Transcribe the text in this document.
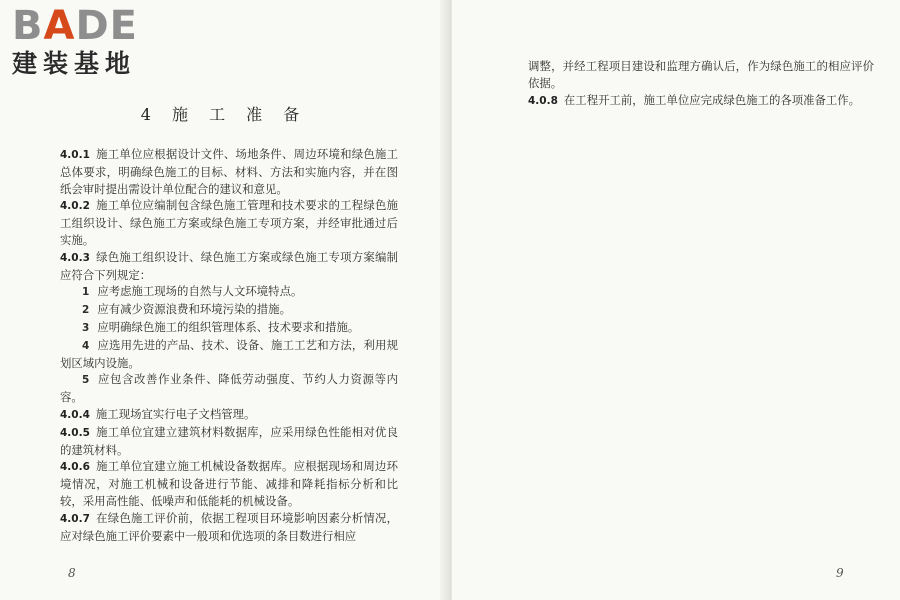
BADE
建装基地
4 施 工 准 备

4.0.1 施工单位应根据设计文件、场地条件、周边环境和绿色施工总体要求，明确绿色施工的目标、材料、方法和实施内容，并在图纸会审时提出需设计单位配合的建议和意见。

4.0.2 施工单位应编制包含绿色施工管理和技术要求的工程绿色施工组织设计、绿色施工方案或绿色施工专项方案，并经审批通过后实施。

4.0.3 绿色施工组织设计、绿色施工方案或绿色施工专项方案编制应符合下列规定：

1 应考虑施工现场的自然与人文环境特点。

2 应有减少资源浪费和环境污染的措施。

3 应明确绿色施工的组织管理体系、技术要求和措施。

4 应选用先进的产品、技术、设备、施工工艺和方法，利用规划区域内设施。

5 应包含改善作业条件、降低劳动强度、节约人力资源等内容。

4.0.4 施工现场宜实行电子文档管理。

4.0.5 施工单位宜建立建筑材料数据库，应采用绿色性能相对优良的建筑材料。

4.0.6 施工单位宜建立施工机械设备数据库。应根据现场和周边环境情况，对施工机械和设备进行节能、减排和降耗指标分析和比较，采用高性能、低噪声和低能耗的机械设备。

4.0.7 在绿色施工评价前，依据工程项目环境影响因素分析情况，应对绿色施工评价要素中一般项和优选项的条目数进行相应

8

调整，并经工程项目建设和监理方确认后，作为绿色施工的相应评价依据。

4.0.8 在工程开工前，施工单位应完成绿色施工的各项准备工作。

9
